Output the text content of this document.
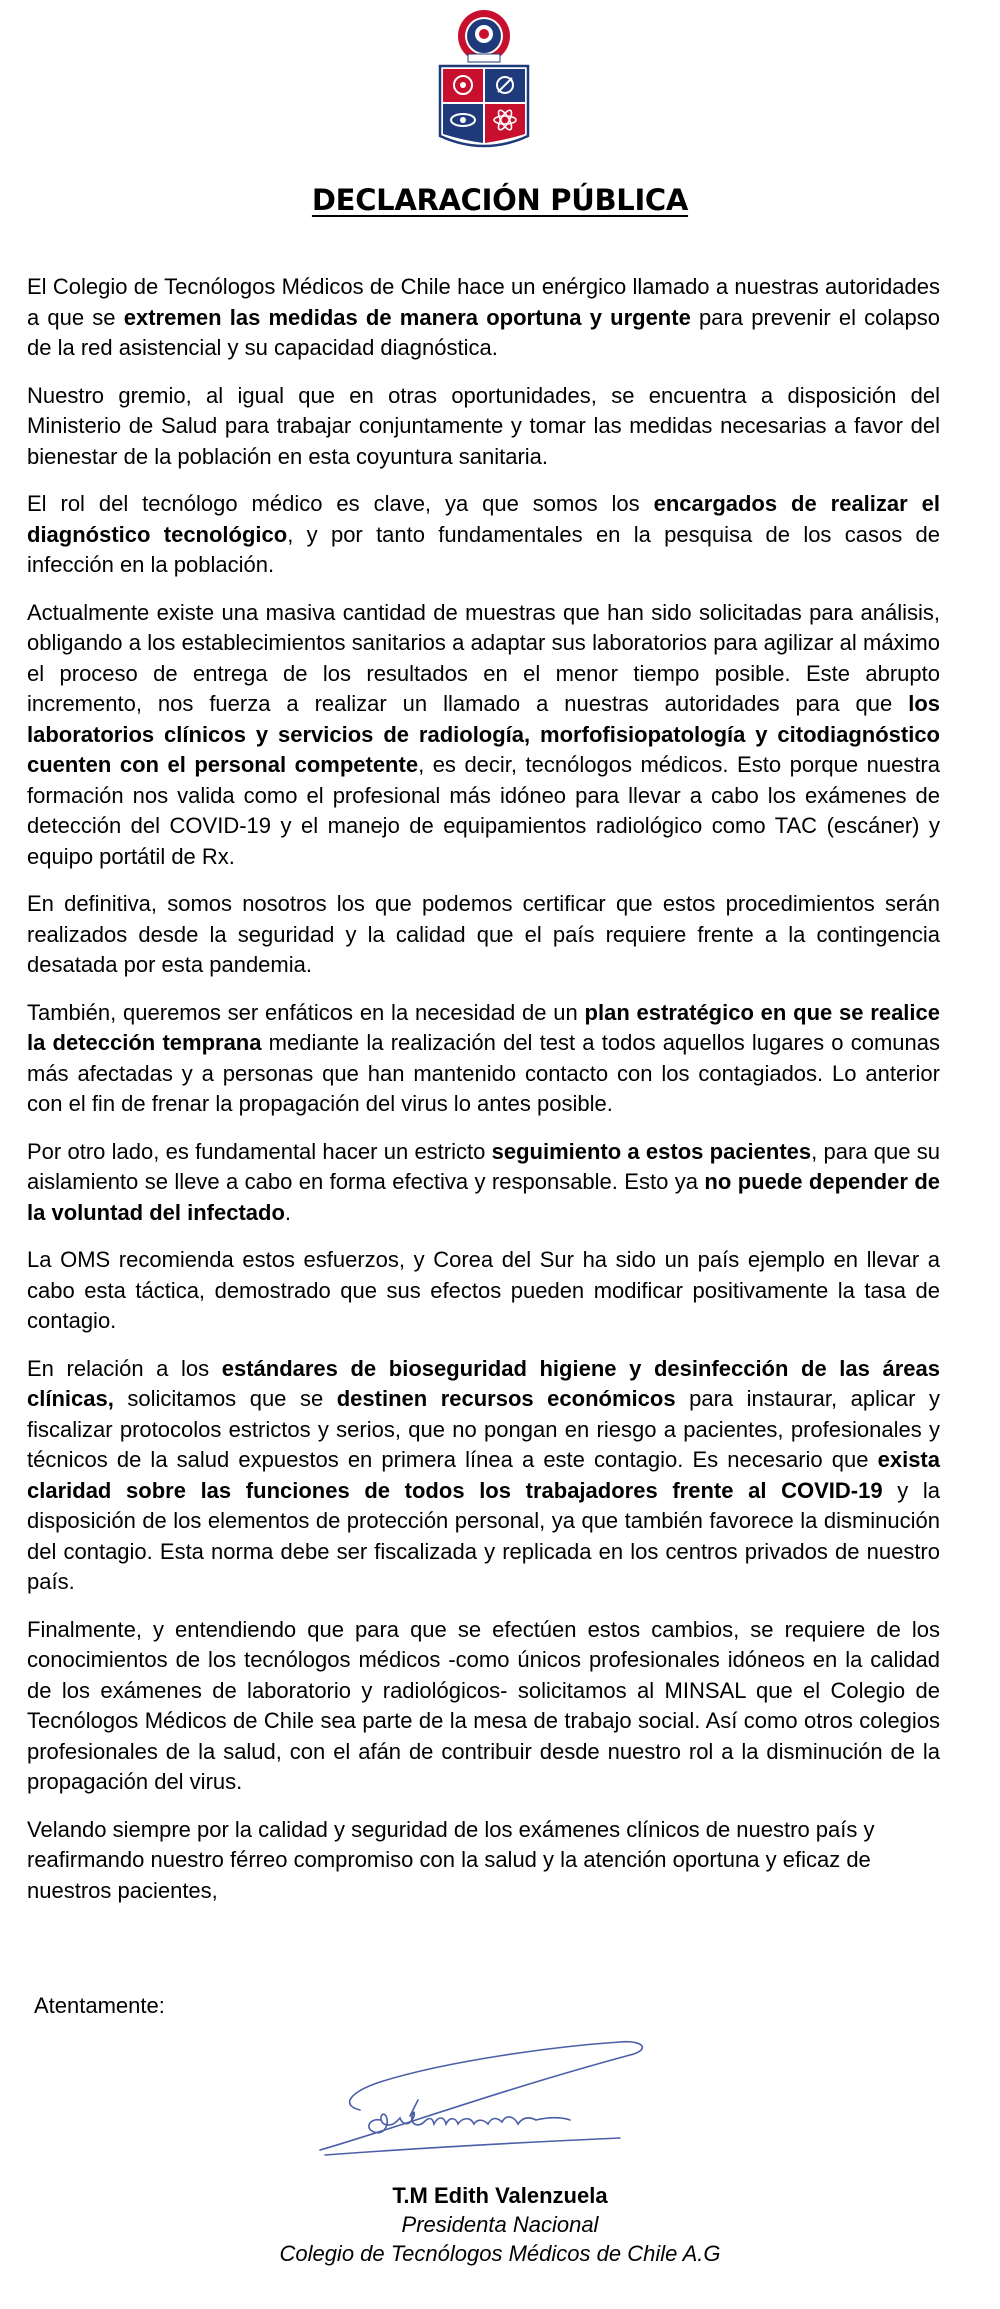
DECLARACIÓN PÚBLICA

El Colegio de Tecnólogos Médicos de Chile hace un enérgico llamado a nuestras autoridades a que se extremen las medidas de manera oportuna y urgente para prevenir el colapso de la red asistencial y su capacidad diagnóstica.

Nuestro gremio, al igual que en otras oportunidades, se encuentra a disposición del Ministerio de Salud para trabajar conjuntamente y tomar las medidas necesarias a favor del bienestar de la población en esta coyuntura sanitaria.

El rol del tecnólogo médico es clave, ya que somos los encargados de realizar el diagnóstico tecnológico, y por tanto fundamentales en la pesquisa de los casos de infección en la población.

Actualmente existe una masiva cantidad de muestras que han sido solicitadas para análisis, obligando a los establecimientos sanitarios a adaptar sus laboratorios para agilizar al máximo el proceso de entrega de los resultados en el menor tiempo posible. Este abrupto incremento, nos fuerza a realizar un llamado a nuestras autoridades para que los laboratorios clínicos y servicios de radiología, morfofisiopatología y citodiagnóstico cuenten con el personal competente, es decir, tecnólogos médicos. Esto porque nuestra formación nos valida como el profesional más idóneo para llevar a cabo los exámenes de detección del COVID-19 y el manejo de equipamientos radiológico como TAC (escáner) y equipo portátil de Rx.

En definitiva, somos nosotros los que podemos certificar que estos procedimientos serán realizados desde la seguridad y la calidad que el país requiere frente a la contingencia desatada por esta pandemia.

También, queremos ser enfáticos en la necesidad de un plan estratégico en que se realice la detección temprana mediante la realización del test a todos aquellos lugares o comunas más afectadas y a personas que han mantenido contacto con los contagiados. Lo anterior con el fin de frenar la propagación del virus lo antes posible.

Por otro lado, es fundamental hacer un estricto seguimiento a estos pacientes, para que su aislamiento se lleve a cabo en forma efectiva y responsable. Esto ya no puede depender de la voluntad del infectado.

La OMS recomienda estos esfuerzos, y Corea del Sur ha sido un país ejemplo en llevar a cabo esta táctica, demostrado que sus efectos pueden modificar positivamente la tasa de contagio.

En relación a los estándares de bioseguridad higiene y desinfección de las áreas clínicas, solicitamos que se destinen recursos económicos para instaurar, aplicar y fiscalizar protocolos estrictos y serios, que no pongan en riesgo a pacientes, profesionales y técnicos de la salud expuestos en primera línea a este contagio. Es necesario que exista claridad sobre las funciones de todos los trabajadores frente al COVID-19 y la disposición de los elementos de protección personal, ya que también favorece la disminución del contagio. Esta norma debe ser fiscalizada y replicada en los centros privados de nuestro país.

Finalmente, y entendiendo que para que se efectúen estos cambios, se requiere de los conocimientos de los tecnólogos médicos -como únicos profesionales idóneos en la calidad de los exámenes de laboratorio y radiológicos- solicitamos al MINSAL que el Colegio de Tecnólogos Médicos de Chile sea parte de la mesa de trabajo social. Así como otros colegios profesionales de la salud, con el afán de contribuir desde nuestro rol a la disminución de la propagación del virus.

Velando siempre por la calidad y seguridad de los exámenes clínicos de nuestro país y reafirmando nuestro férreo compromiso con la salud y la atención oportuna y eficaz de nuestros pacientes,

Atentamente:
T.M Edith Valenzuela
Presidenta Nacional
Colegio de Tecnólogos Médicos de Chile A.G
